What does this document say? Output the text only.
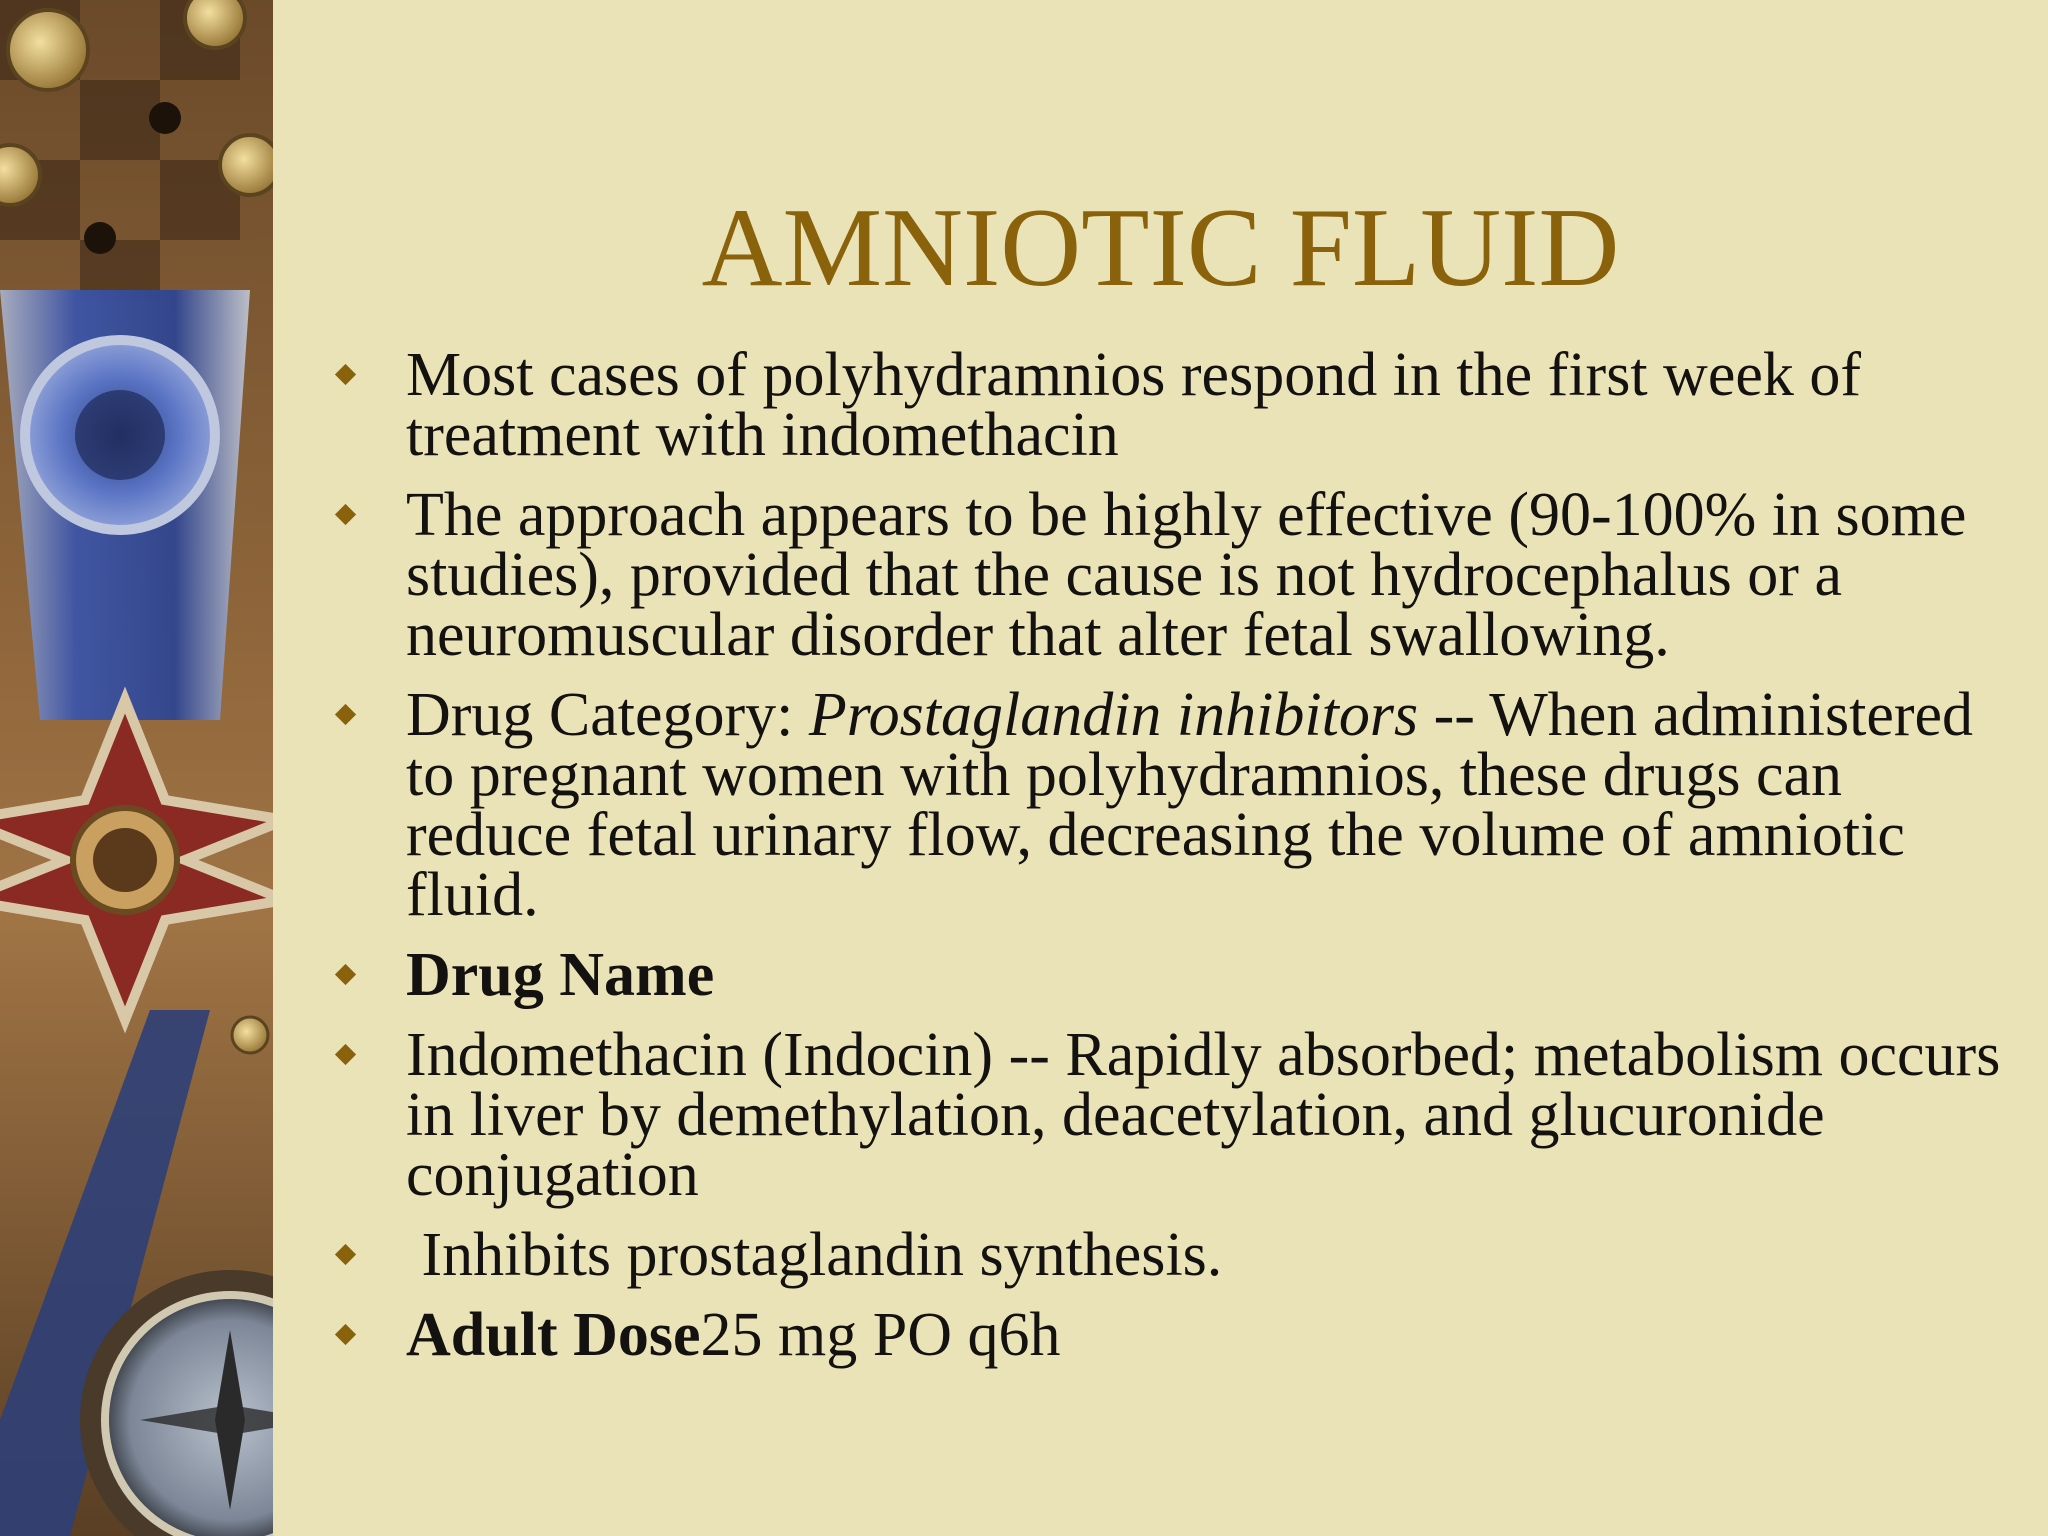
AMNIOTIC FLUID
Most cases of polyhydramnios respond in the first week of treatment with indomethacin
The approach appears to be highly effective (90-100% in some studies), provided that the cause is not hydrocephalus or a neuromuscular disorder that alter fetal swallowing.
Drug Category: Prostaglandin inhibitors -- When administered to pregnant women with polyhydramnios, these drugs can reduce fetal urinary flow, decreasing the volume of amniotic fluid.
Drug Name
Indomethacin (Indocin) -- Rapidly absorbed; metabolism occurs in liver by demethylation, deacetylation, and glucuronide conjugation
Inhibits prostaglandin synthesis.
Adult Dose25 mg PO q6h
